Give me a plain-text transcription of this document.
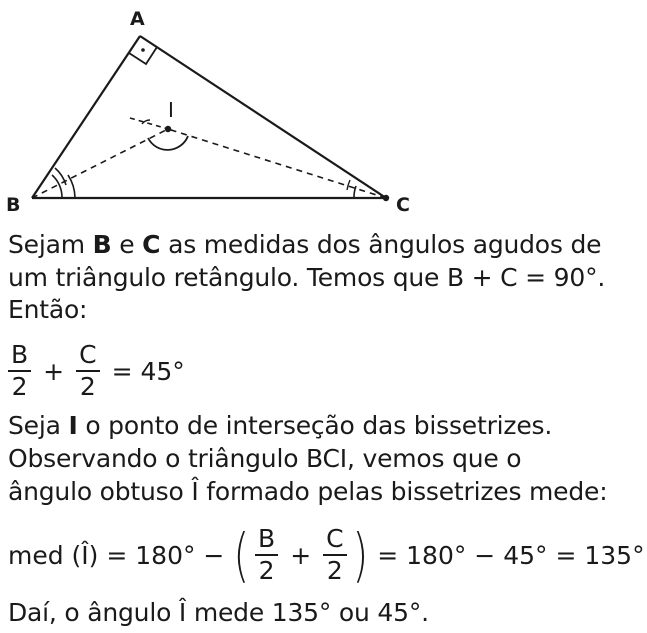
A
B	C
I
Sejam B e C as medidas dos ângulos agudos de
um triângulo retângulo. Temos que B + C = 90°.
Então:
$\frac{B}{2} + \frac{C}{2} = 45^\circ$
Seja I o ponto de interseção das bissetrizes.
Observando o triângulo BCI, vemos que o
ângulo obtuso Î formado pelas bissetrizes mede:
med (Î) = 180° − ( $\frac{B}{2} + \frac{C}{2}$ ) = 180° − 45° = 135°
Daí, o ângulo Î mede 135° ou 45°.
